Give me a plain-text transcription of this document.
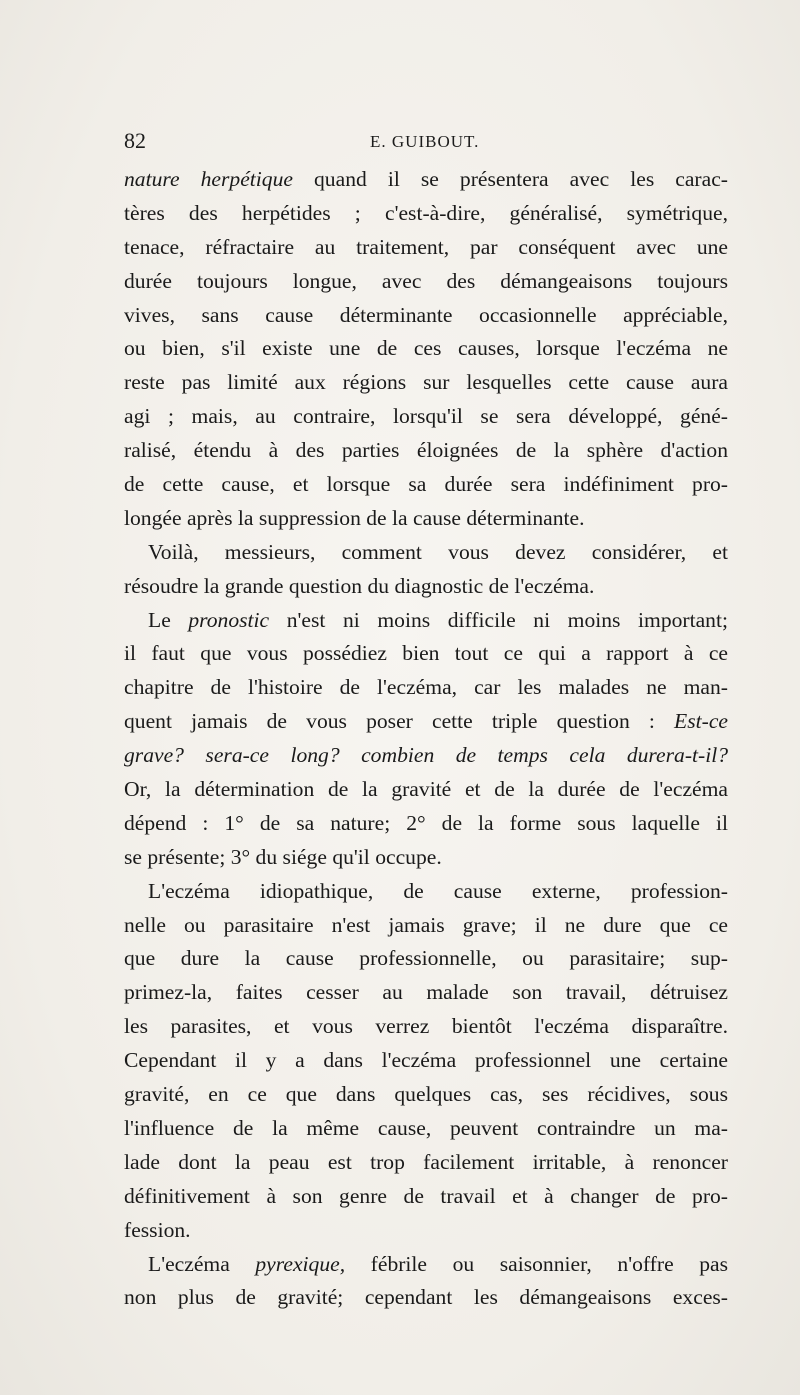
82	E. GUIBOUT.
nature herpétique quand il se présentera avec les carac-
tères des herpétides ; c'est-à-dire, généralisé, symétrique,
tenace, réfractaire au traitement, par conséquent avec une
durée toujours longue, avec des démangeaisons toujours
vives, sans cause déterminante occasionnelle appréciable,
ou bien, s'il existe une de ces causes, lorsque l'eczéma ne
reste pas limité aux régions sur lesquelles cette cause aura
agi ; mais, au contraire, lorsqu'il se sera développé, géné-
ralisé, étendu à des parties éloignées de la sphère d'action
de cette cause, et lorsque sa durée sera indéfiniment pro-
longée après la suppression de la cause déterminante.
Voilà, messieurs, comment vous devez considérer, et
résoudre la grande question du diagnostic de l'eczéma.
Le pronostic n'est ni moins difficile ni moins important;
il faut que vous possédiez bien tout ce qui a rapport à ce
chapitre de l'histoire de l'eczéma, car les malades ne man-
quent jamais de vous poser cette triple question : Est-ce
grave? sera-ce long? combien de temps cela durera-t-il?
Or, la détermination de la gravité et de la durée de l'eczéma
dépend : 1° de sa nature; 2° de la forme sous laquelle il
se présente; 3° du siége qu'il occupe.
L'eczéma idiopathique, de cause externe, profession-
nelle ou parasitaire n'est jamais grave; il ne dure que ce
que dure la cause professionnelle, ou parasitaire; sup-
primez-la, faites cesser au malade son travail, détruisez
les parasites, et vous verrez bientôt l'eczéma disparaître.
Cependant il y a dans l'eczéma professionnel une certaine
gravité, en ce que dans quelques cas, ses récidives, sous
l'influence de la même cause, peuvent contraindre un ma-
lade dont la peau est trop facilement irritable, à renoncer
définitivement à son genre de travail et à changer de pro-
fession.
L'eczéma pyrexique, fébrile ou saisonnier, n'offre pas
non plus de gravité; cependant les démangeaisons exces-
